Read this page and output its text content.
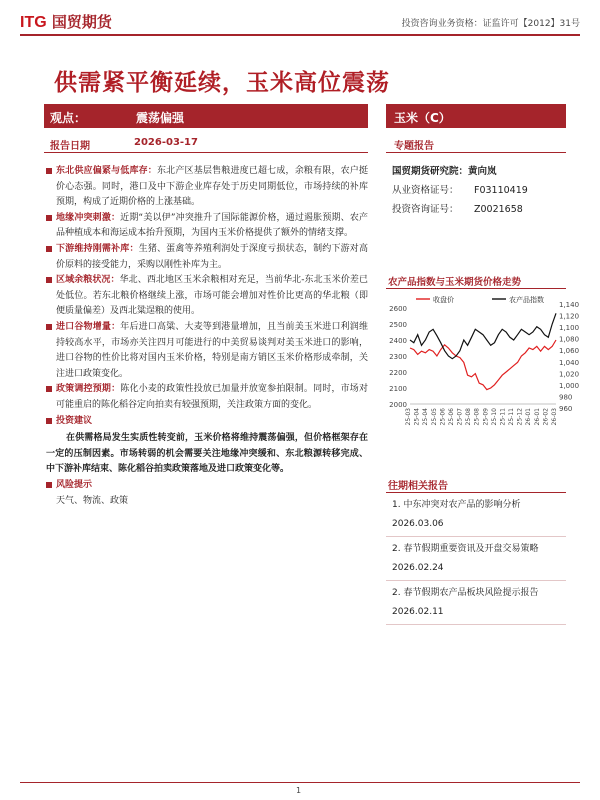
ITG 国贸期货	投资咨询业务资格：证监许可【2012】31号
供需紧平衡延续，玉米高位震荡
观点：	震荡偏强	玉米（C）
报告日期	2026-03-17	专题报告
国贸期货研究院：黄向岚
从业资格证号： F03110419
投资咨询证号： Z0021658
东北供应偏紧与低库存：东北产区基层售粮进度已超七成，余粮有限，农户挺价心态强。同时，港口及中下游企业库存处于历史同期低位，市场持续的补库预期，构成了近期价格的上涨基础。
地缘冲突刺激：近期“美以伊”冲突推升了国际能源价格，通过遏胀预期、农产品种植成本和海运成本抬升预期，为国内玉米价格提供了额外的情绪支撑。
下游维持刚需补库：生猪、蛋禽等养殖利润处于深度亏损状态，制约下游对高价原料的接受能力，采购以刚性补库为主。
区域余粮状况：华北、西北地区玉米余粮相对充足，当前华北-东北玉米价差已处低位。若东北粮价格继续上涨，市场可能会增加对性价比更高的华北粮（即便质量偏差）及西北粱逞粮的使用。
进口谷物增量：年后进口高粱、大麦等到港量增加，且当前美玉米进口利润维持较高水平，市场亦关注四月可能进行的中美贸易谈判对美玉米进口的影响，进口谷物的性价比将对国内玉米价格，特别是南方销区玉米价格形成牵制，关注进口政策变化。
政策调控预期：陈化小麦的政策性投放已加量并放宽参拍限制。同时，市场对可能重启的陈化稻谷定向拍卖有较强预期，关注政策方面的变化。
投资建议
在供需格局发生实质性转变前，玉米价格将维持震荡偏强，但价格框架存在一定的压制因素。市场转弱的机会需要关注地缘冲突缓和、东北粮源转移完成、中下游补库结束、陈化稻谷拍卖政策落地及进口政策变化等。
风险提示
天气、物流、政策
农产品指数与玉米期货价格走势
2600
2500
2400
2300
2200
2100
2000
1,140
1,120
1,100
1,080
1,060
1,040
1,020
1,000
980
960
25-03 25-04 25-04 25-05 25-06 25-06 25-07 25-08 25-08 25-09 25-10 25-11 25-11 25-12 26-01 26-01 26-02 26-03
收盘价	农产品指数
往期相关报告
1. 中东冲突对农产品的影响分析 2026.03.06
2. 春节假期重要资讯及开盘交易策略 2026.02.24
2. 春节假期农产品板块风险提示报告 2026.02.11
1
